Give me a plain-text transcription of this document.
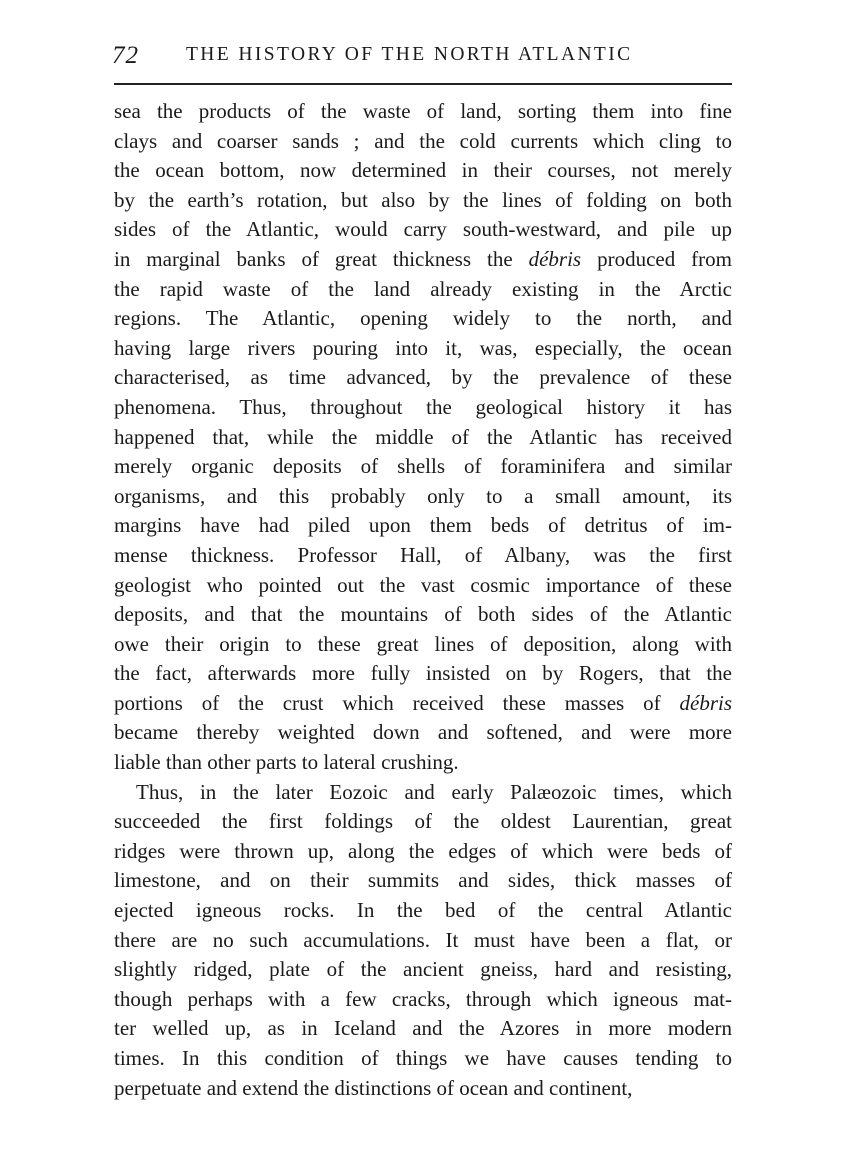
72 THE HISTORY OF THE NORTH ATLANTIC
sea the products of the waste of land, sorting them into fine
clays and coarser sands ; and the cold currents which cling to
the ocean bottom, now determined in their courses, not merely
by the earth’s rotation, but also by the lines of folding on both
sides of the Atlantic, would carry south-westward, and pile up
in marginal banks of great thickness the débris produced from
the rapid waste of the land already existing in the Arctic
regions. The Atlantic, opening widely to the north, and
having large rivers pouring into it, was, especially, the ocean
characterised, as time advanced, by the prevalence of these
phenomena. Thus, throughout the geological history it has
happened that, while the middle of the Atlantic has received
merely organic deposits of shells of foraminifera and similar
organisms, and this probably only to a small amount, its
margins have had piled upon them beds of detritus of im-
mense thickness. Professor Hall, of Albany, was the first
geologist who pointed out the vast cosmic importance of these
deposits, and that the mountains of both sides of the Atlantic
owe their origin to these great lines of deposition, along with
the fact, afterwards more fully insisted on by Rogers, that the
portions of the crust which received these masses of débris
became thereby weighted down and softened, and were more
liable than other parts to lateral crushing.
Thus, in the later Eozoic and early Palæozoic times, which
succeeded the first foldings of the oldest Laurentian, great
ridges were thrown up, along the edges of which were beds of
limestone, and on their summits and sides, thick masses of
ejected igneous rocks. In the bed of the central Atlantic
there are no such accumulations. It must have been a flat, or
slightly ridged, plate of the ancient gneiss, hard and resisting,
though perhaps with a few cracks, through which igneous mat-
ter welled up, as in Iceland and the Azores in more modern
times. In this condition of things we have causes tending to
perpetuate and extend the distinctions of ocean and continent,
